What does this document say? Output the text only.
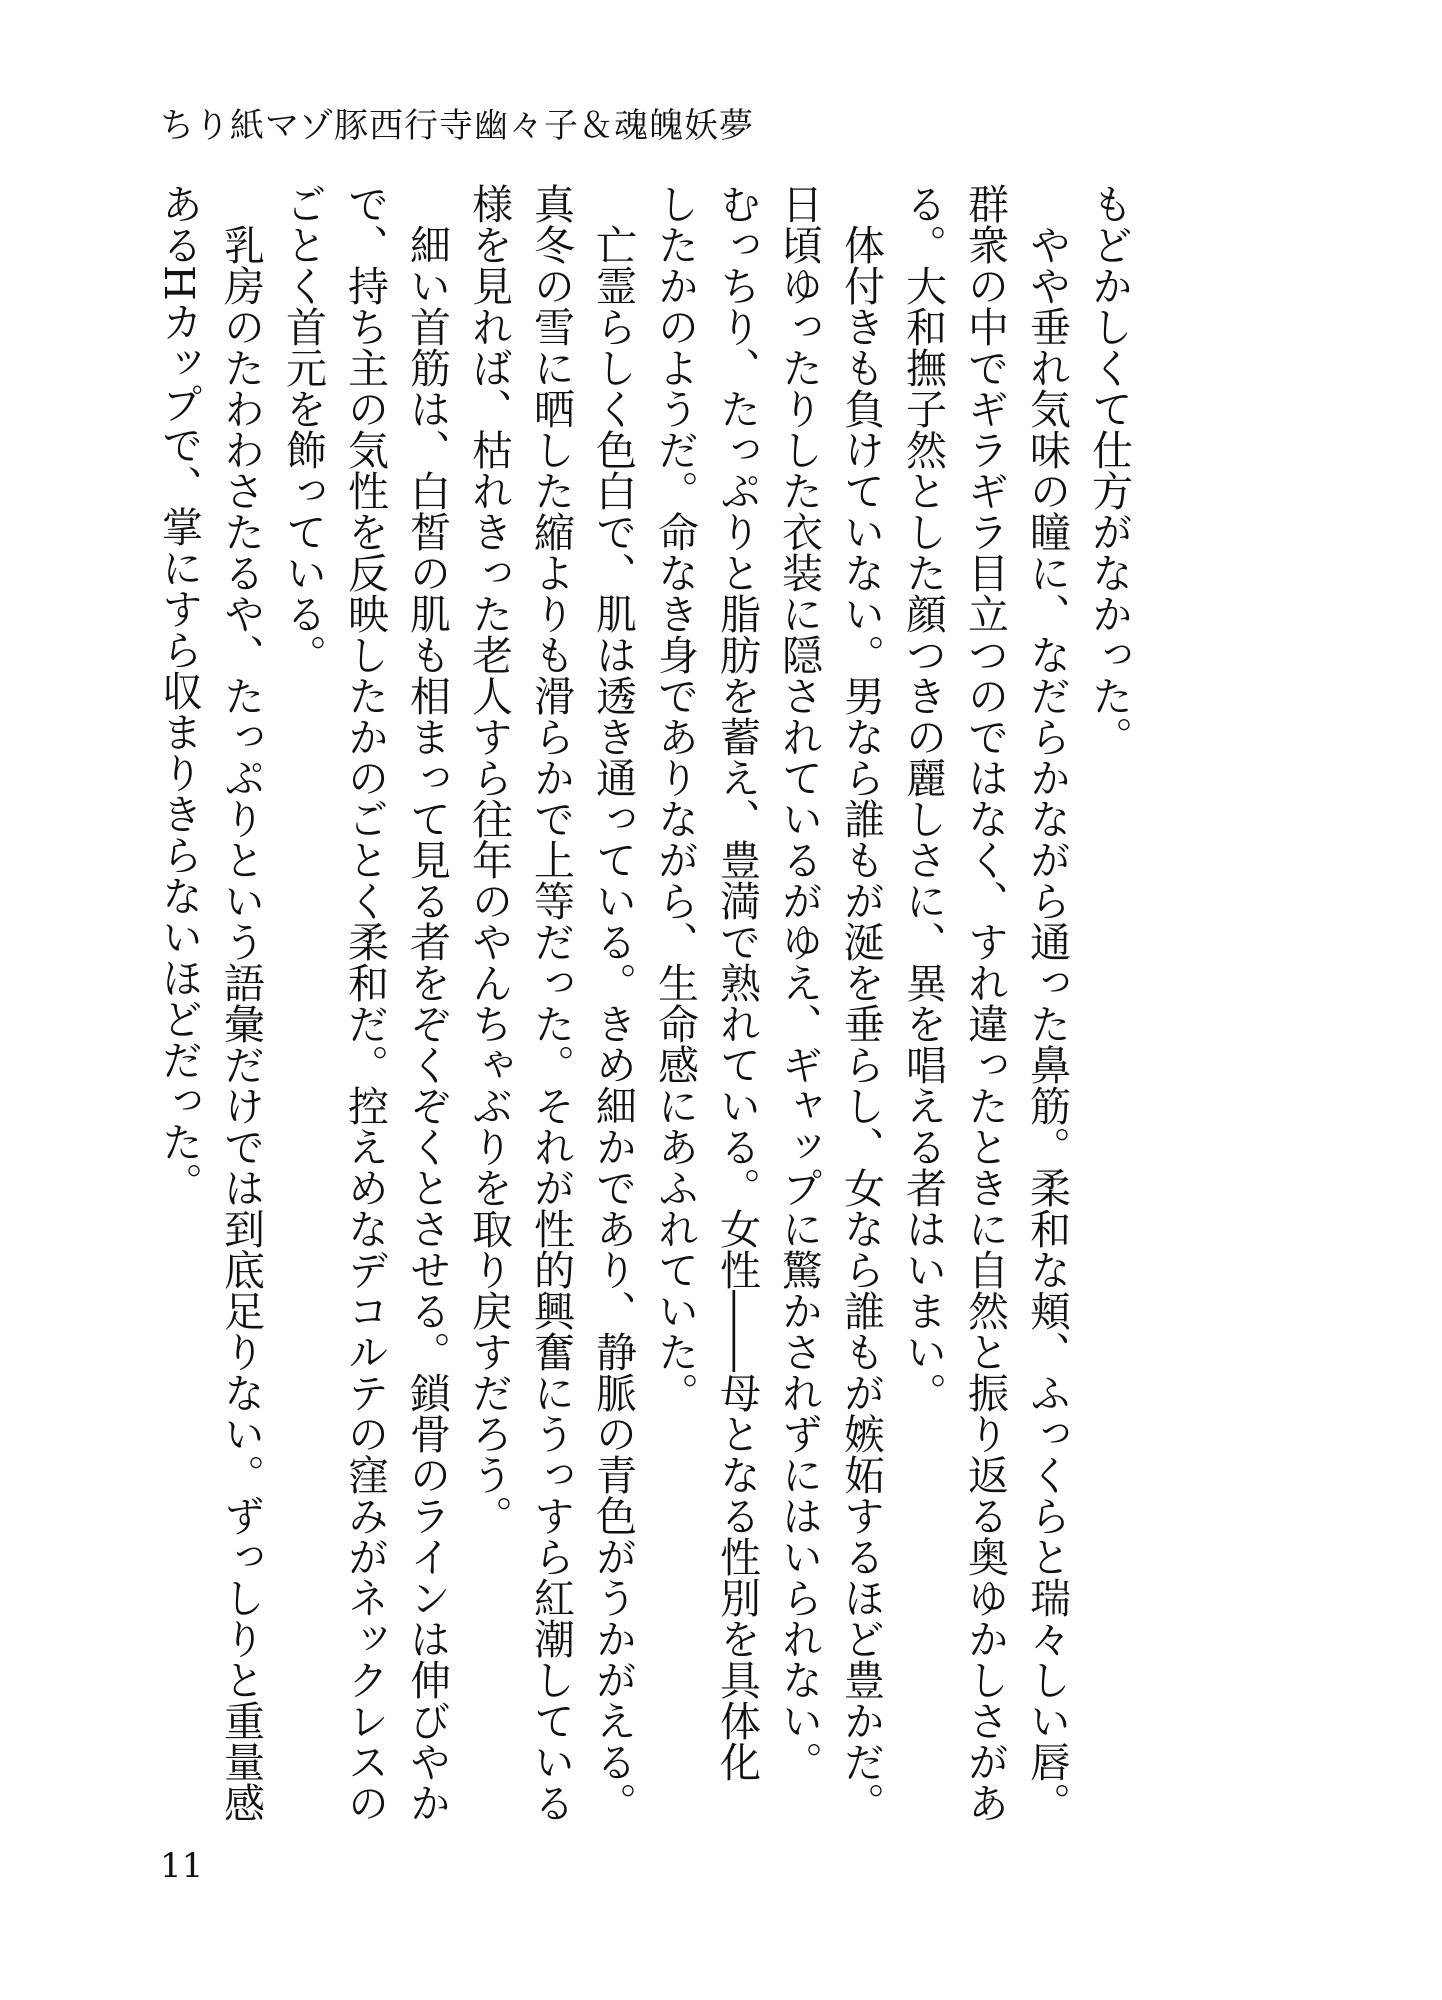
ちり紙マゾ豚西行寺幽々子＆魂魄妖夢
もどかしくて仕方がなかった。
　やや垂れ気味の瞳に、なだらかながら通った鼻筋。柔和な頬、ふっくらと瑞々しい唇。
群衆の中でギラギラ目立つのではなく、すれ違ったときに自然と振り返る奥ゆかしさがあ
る。大和撫子然とした顔つきの麗しさに、異を唱える者はいまい。
　体付きも負けていない。男なら誰もが涎を垂らし、女なら誰もが嫉妬するほど豊かだ。
日頃ゆったりした衣装に隠されているがゆえ、ギャップに驚かされずにはいられない。
むっちり、たっぷりと脂肪を蓄え、豊満で熟れている。女性――母となる性別を具体化
したかのようだ。命なき身でありながら、生命感にあふれていた。
　亡霊らしく色白で、肌は透き通っている。きめ細かであり、静脈の青色がうかがえる。
真冬の雪に晒した縮よりも滑らかで上等だった。それが性的興奮にうっすら紅潮している
様を見れば、枯れきった老人すら往年のやんちゃぶりを取り戻すだろう。
　細い首筋は、白皙の肌も相まって見る者をぞくぞくとさせる。鎖骨のラインは伸びやか
で、持ち主の気性を反映したかのごとく柔和だ。控えめなデコルテの窪みがネックレスの
ごとく首元を飾っている。
　乳房のたわわさたるや、たっぷりという語彙だけでは到底足りない。ずっしりと重量感
あるHカップで、掌にすら収まりきらないほどだった。
11
